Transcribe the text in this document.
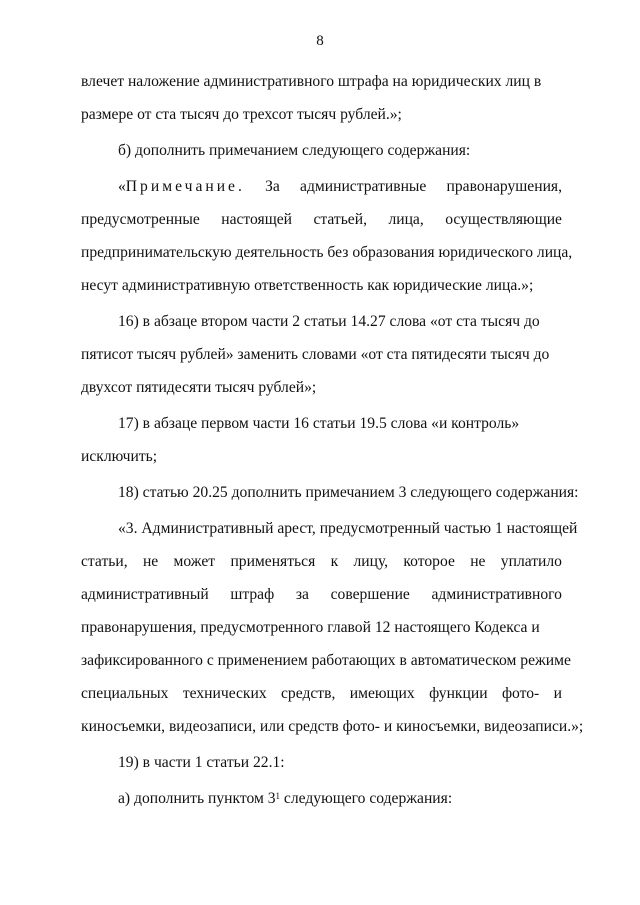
8
влечет наложение административного штрафа на юридических лиц в
размере от ста тысяч до трехсот тысяч рублей.»;
б) дополнить примечанием следующего содержания:
«Примечание. За административные правонарушения,
предусмотренные настоящей статьей, лица, осуществляющие
предпринимательскую деятельность без образования юридического лица,
несут административную ответственность как юридические лица.»;
16) в абзаце втором части 2 статьи 14.27 слова «от ста тысяч до
пятисот тысяч рублей» заменить словами «от ста пятидесяти тысяч до
двухсот пятидесяти тысяч рублей»;
17) в абзаце первом части 16 статьи 19.5 слова «и контроль»
исключить;
18) статью 20.25 дополнить примечанием 3 следующего содержания:
«3. Административный арест, предусмотренный частью 1 настоящей
статьи, не может применяться к лицу, которое не уплатило
административный штраф за совершение административного
правонарушения, предусмотренного главой 12 настоящего Кодекса и
зафиксированного с применением работающих в автоматическом режиме
специальных технических средств, имеющих функции фото- и
киносъемки, видеозаписи, или средств фото- и киносъемки, видеозаписи.»;
19) в части 1 статьи 22.1:
а) дополнить пунктом $3^1$ следующего содержания:
